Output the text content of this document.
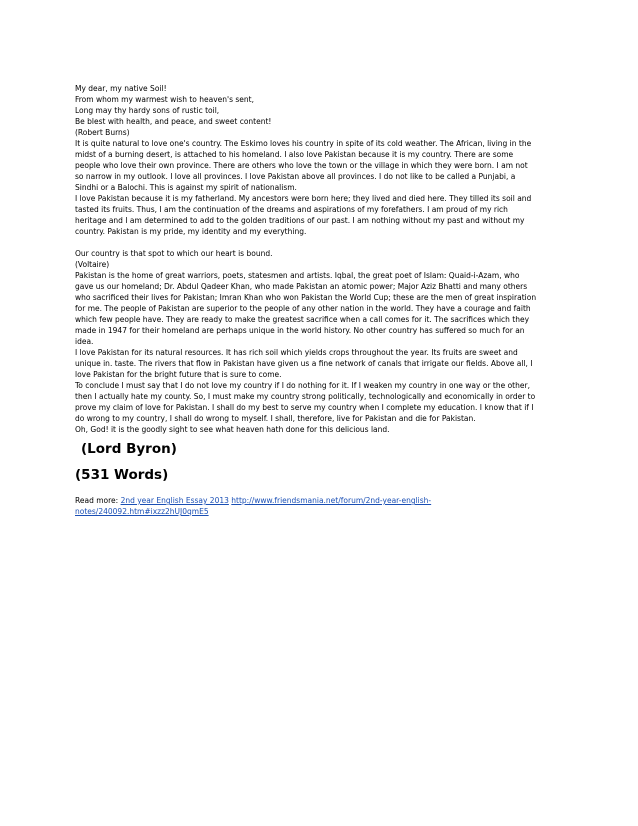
My dear, my native Soil!
From whom my warmest wish to heaven's sent,
Long may thy hardy sons of rustic toil,
Be blest with health, and peace, and sweet content!
(Robert Burns)
It is quite natural to love one's country. The Eskimo loves his country in spite of its cold weather. The African, living in the
midst of a burning desert, is attached to his homeland. I also love Pakistan because it is my country. There are some
people who love their own province. There are others who love the town or the village in which they were born. I am not
so narrow in my outlook. I love all provinces. I love Pakistan above all provinces. I do not like to be called a Punjabi, a
Sindhi or a Balochi. This is against my spirit of nationalism.
I love Pakistan because it is my fatherland. My ancestors were born here; they lived and died here. They tilled its soil and
tasted its fruits. Thus, I am the continuation of the dreams and aspirations of my forefathers. I am proud of my rich
heritage and I am determined to add to the golden traditions of our past. I am nothing without my past and without my
country. Pakistan is my pride, my identity and my everything.
Our country is that spot to which our heart is bound.
(Voltaire)
Pakistan is the home of great warriors, poets, statesmen and artists. Iqbal, the great poet of Islam: Quaid-i-Azam, who
gave us our homeland; Dr. Abdul Qadeer Khan, who made Pakistan an atomic power; Major Aziz Bhatti and many others
who sacrificed their lives for Pakistan; Imran Khan who won Pakistan the World Cup; these are the men of great inspiration
for me. The people of Pakistan are superior to the people of any other nation in the world. They have a courage and faith
which few people have. They are ready to make the greatest sacrifice when a call comes for it. The sacrifices which they
made in 1947 for their homeland are perhaps unique in the world history. No other country has suffered so much for an
idea.
I love Pakistan for its natural resources. It has rich soil which yields crops throughout the year. Its fruits are sweet and
unique in. taste. The rivers that flow in Pakistan have given us a fine network of canals that irrigate our fields. Above all, I
love Pakistan for the bright future that is sure to come.
To conclude I must say that I do not love my country if I do nothing for it. If I weaken my country in one way or the other,
then I actually hate my county. So, I must make my country strong politically, technologically and economically in order to
prove my claim of love for Pakistan. I shall do my best to serve my country when I complete my education. I know that if I
do wrong to my country, I shall do wrong to myself. I shall, therefore, live for Pakistan and die for Pakistan.
Oh, God! it is the goodly sight to see what heaven hath done for this delicious land.
(Lord Byron)
(531 Words)
Read more: 2nd year English Essay 2013 http://www.friendsmania.net/forum/2nd-year-english-
notes/240092.htm#ixzz2hUJ0qmE5
